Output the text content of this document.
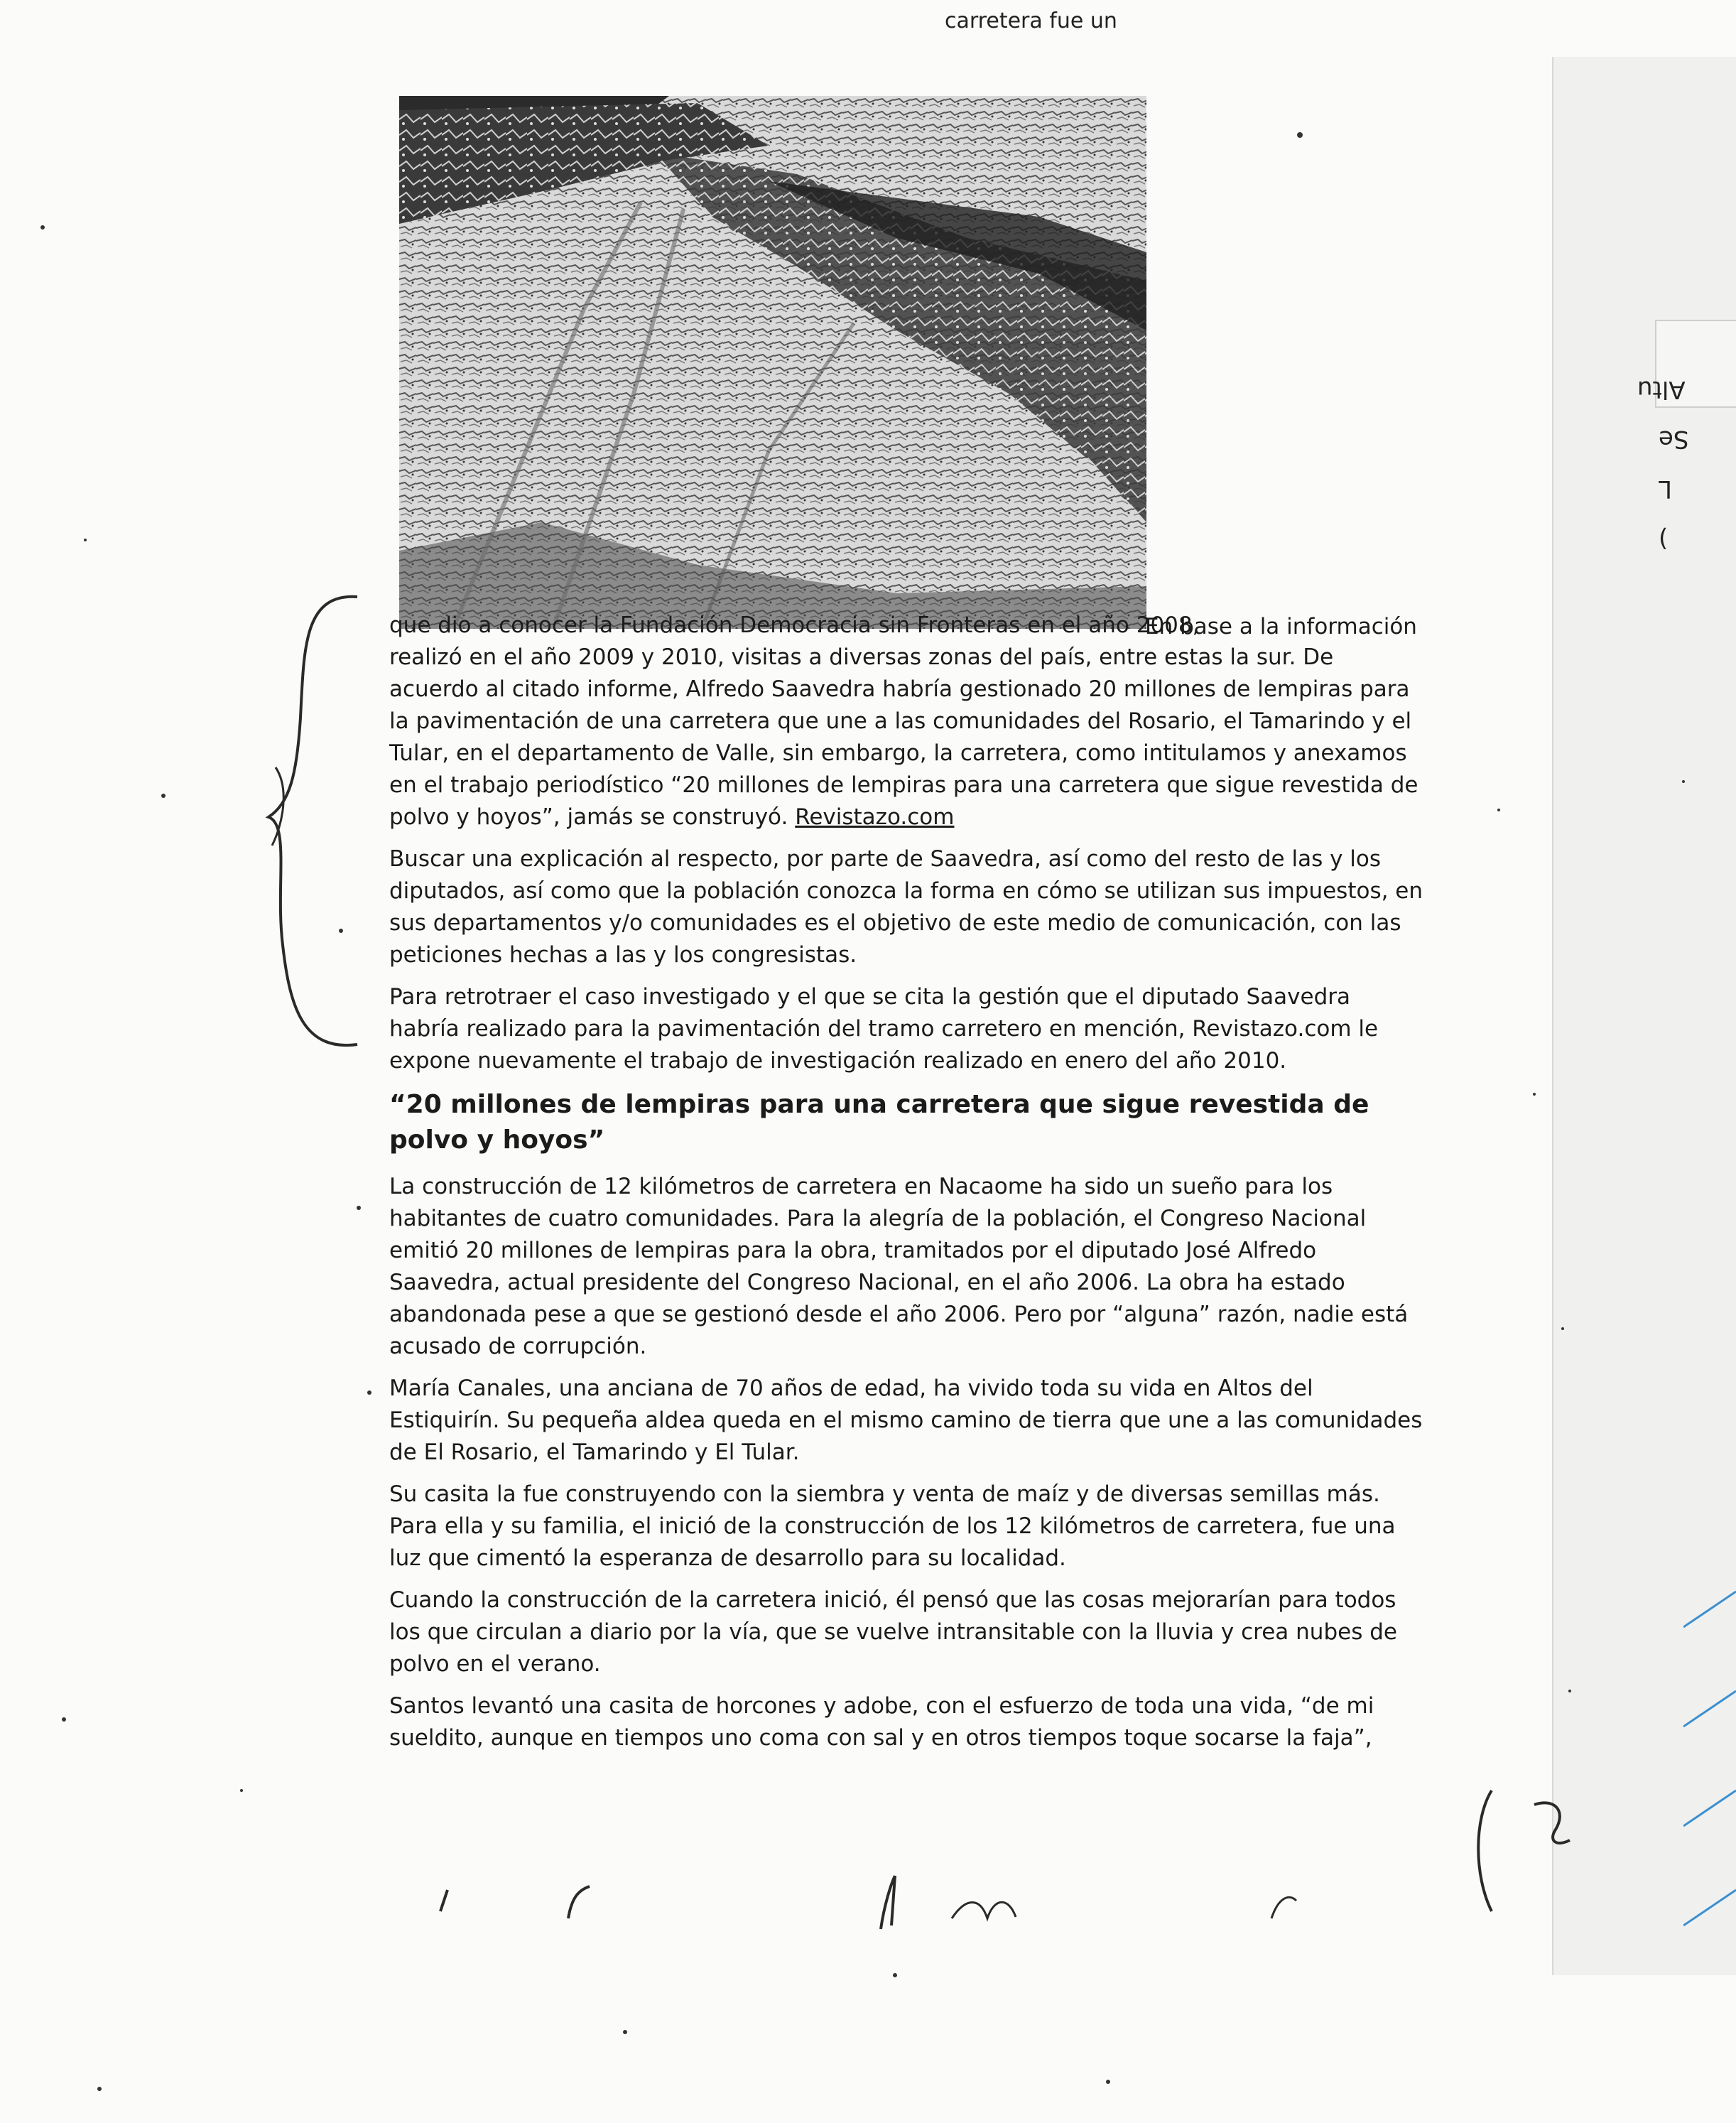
Altu
Se
L
)
carretera fue un
En base a la información

que dio a conocer la Fundación Democracia sin Fronteras en el año 2008,
realizó en el año 2009 y 2010, visitas a diversas zonas del país, entre estas la sur. De
acuerdo al citado informe, Alfredo Saavedra habría gestionado 20 millones de lempiras para
la pavimentación de una carretera que une a las comunidades del Rosario, el Tamarindo y el
Tular, en el departamento de Valle, sin embargo, la carretera, como intitulamos y anexamos
en el trabajo periodístico “20 millones de lempiras para una carretera que sigue revestida de
polvo y hoyos”, jamás se construyó. Revistazo.com

Buscar una explicación al respecto, por parte de Saavedra, así como del resto de las y los
diputados, así como que la población conozca la forma en cómo se utilizan sus impuestos, en
sus departamentos y/o comunidades es el objetivo de este medio de comunicación, con las
peticiones hechas a las y los congresistas.

Para retrotraer el caso investigado y el que se cita la gestión que el diputado Saavedra
habría realizado para la pavimentación del tramo carretero en mención, Revistazo.com le
expone nuevamente el trabajo de investigación realizado en enero del año 2010.

“20 millones de lempiras para una carretera que sigue revestida de
polvo y hoyos”

La construcción de 12 kilómetros de carretera en Nacaome ha sido un sueño para los
habitantes de cuatro comunidades. Para la alegría de la población, el Congreso Nacional
emitió 20 millones de lempiras para la obra, tramitados por el diputado José Alfredo
Saavedra, actual presidente del Congreso Nacional, en el año 2006. La obra ha estado
abandonada pese a que se gestionó desde el año 2006. Pero por “alguna” razón, nadie está
acusado de corrupción.

María Canales, una anciana de 70 años de edad, ha vivido toda su vida en Altos del
Estiquirín. Su pequeña aldea queda en el mismo camino de tierra que une a las comunidades
de El Rosario, el Tamarindo y El Tular.

Su casita la fue construyendo con la siembra y venta de maíz y de diversas semillas más.
Para ella y su familia, el inició de la construcción de los 12 kilómetros de carretera, fue una
luz que cimentó la esperanza de desarrollo para su localidad.

Cuando la construcción de la carretera inició, él pensó que las cosas mejorarían para todos
los que circulan a diario por la vía, que se vuelve intransitable con la lluvia y crea nubes de
polvo en el verano.

Santos levantó una casita de horcones y adobe, con el esfuerzo de toda una vida, “de mi
sueldito, aunque en tiempos uno coma con sal y en otros tiempos toque socarse la faja”,
